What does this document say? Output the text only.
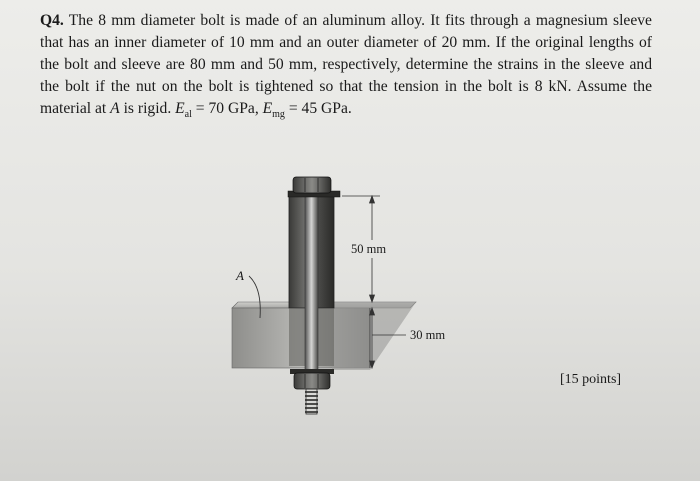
Q4. The 8 mm diameter bolt is made of an aluminum alloy. It fits through a magnesium sleeve
that has an inner diameter of 10 mm and an outer diameter of 20 mm. If the original lengths of
the bolt and sleeve are 80 mm and 50 mm, respectively, determine the strains in the sleeve and
the bolt if the nut on the bolt is tightened so that the tension in the bolt is 8 kN. Assume the
material at A is rigid. $E_{al} = 70$ GPa, $E_{mg} = 45$ GPa.
50 mm
30 mm
A
[15 points]
